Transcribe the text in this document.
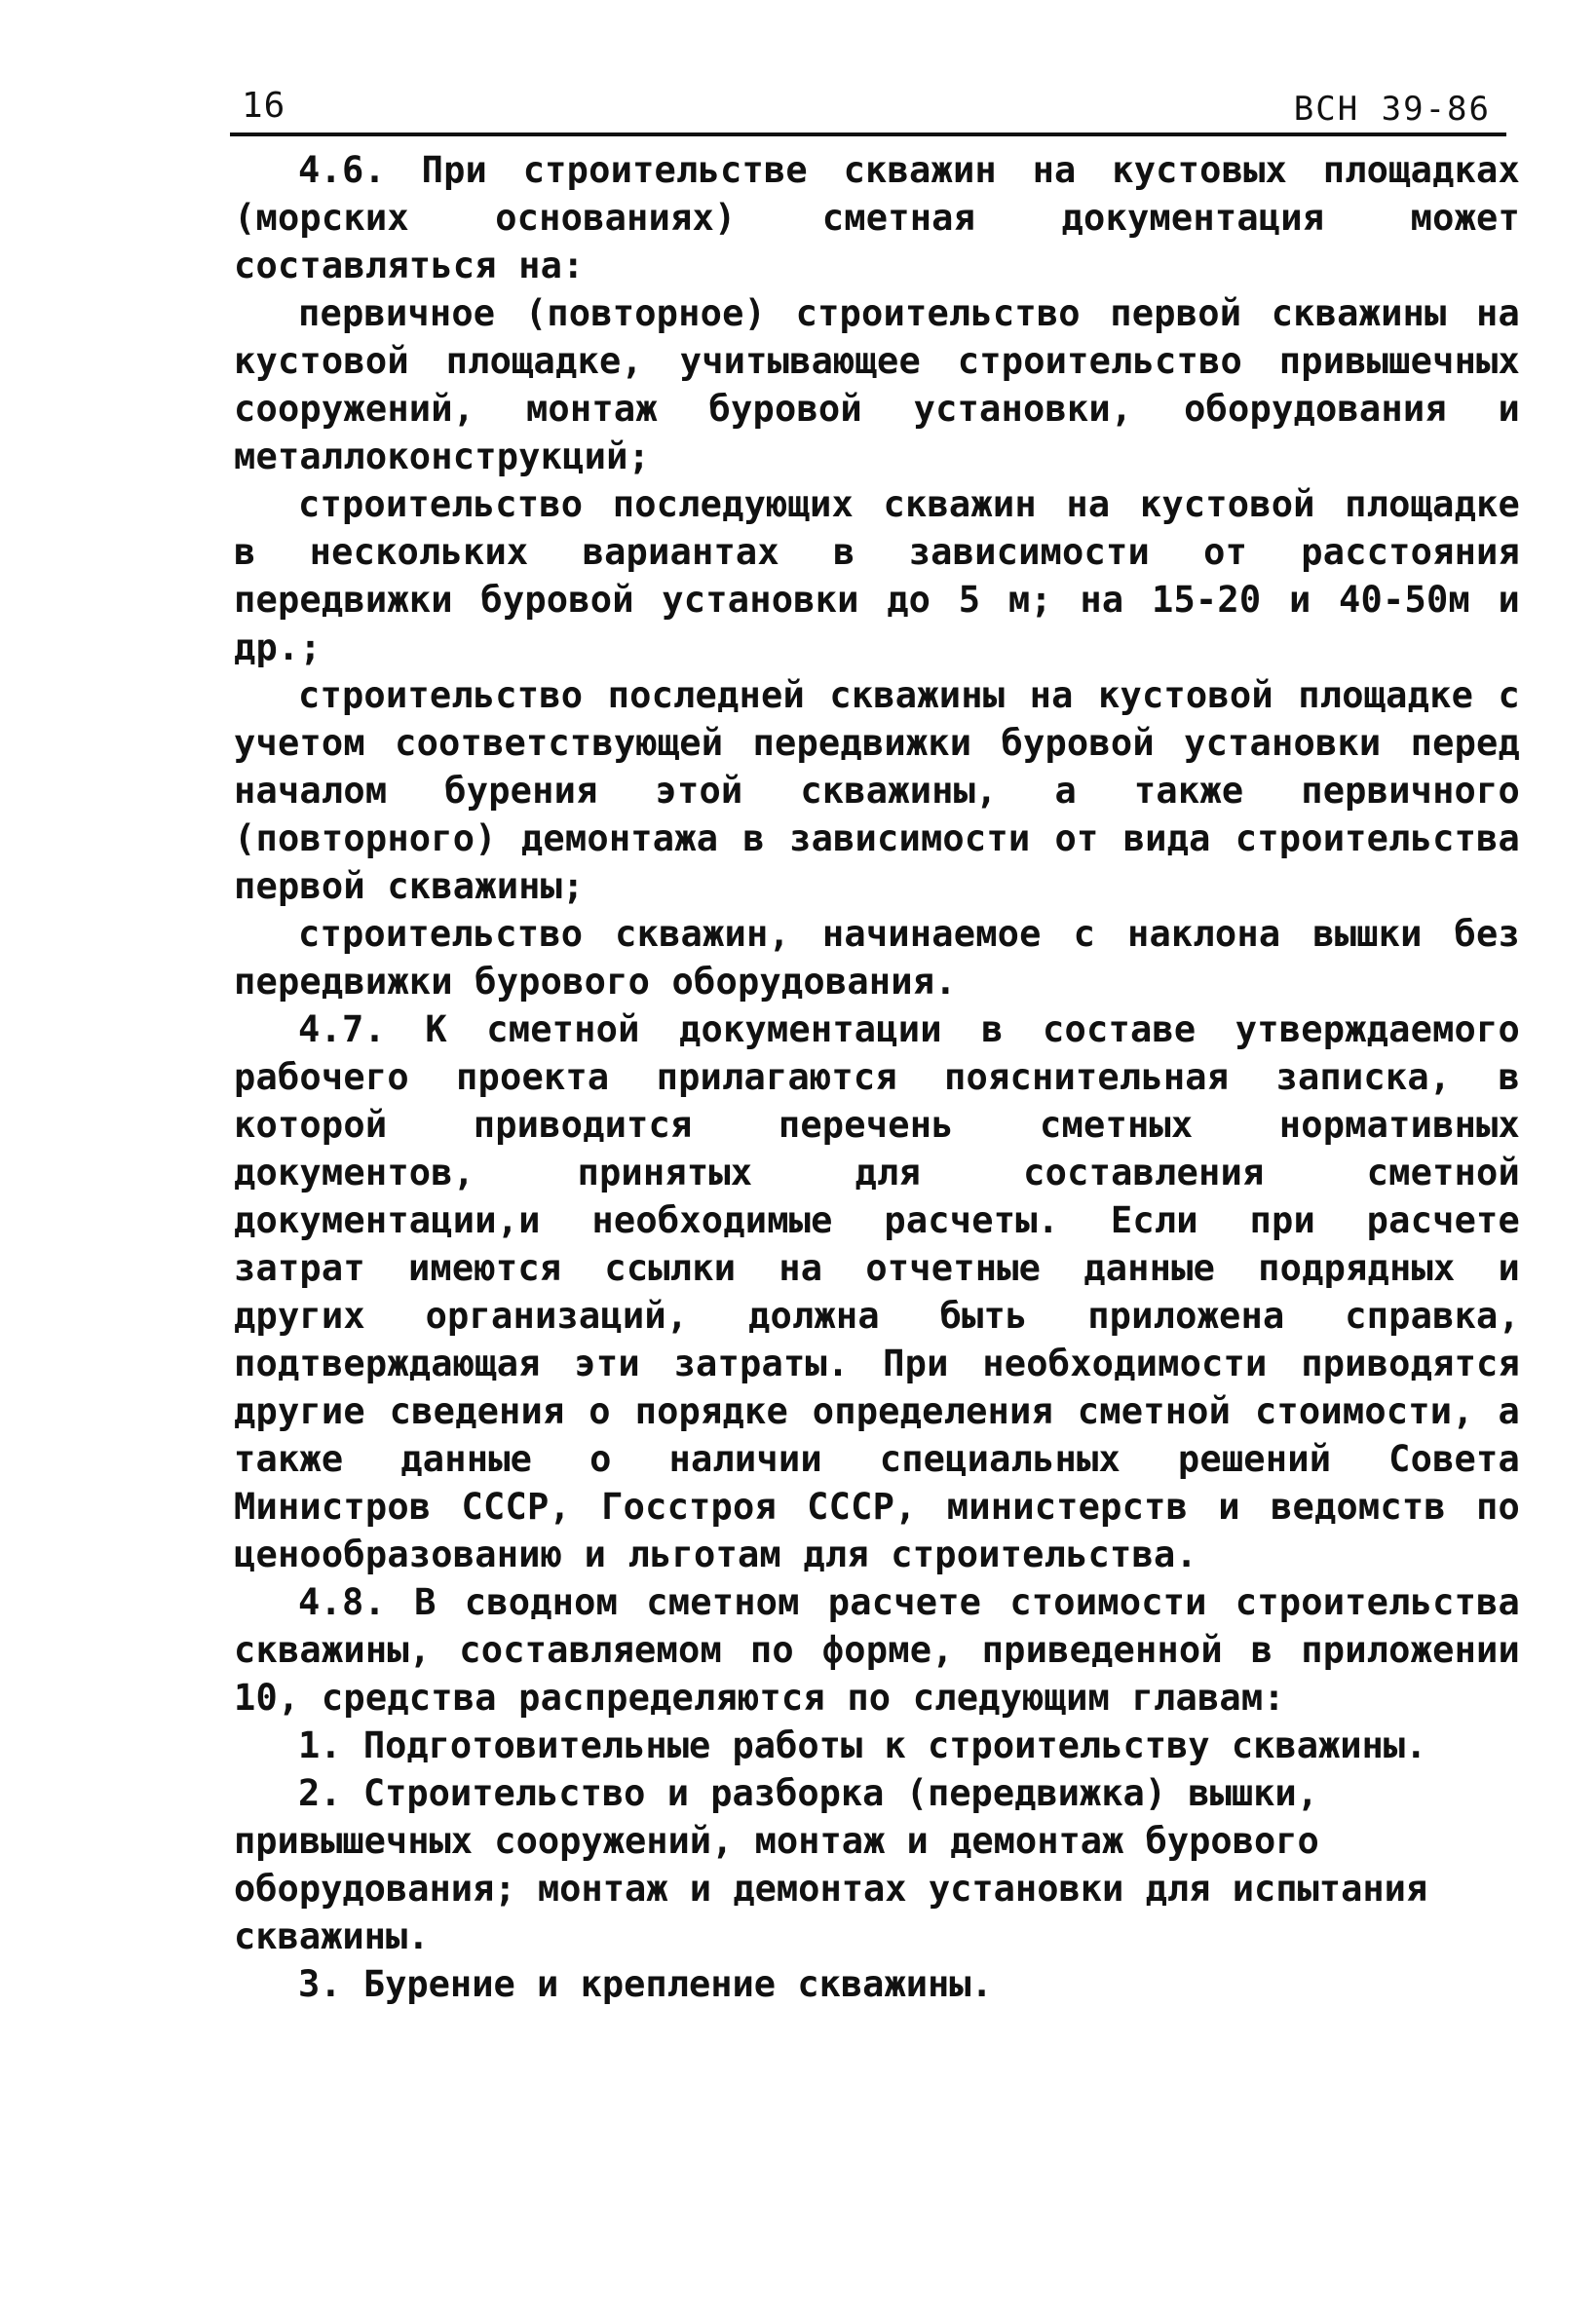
16	ВСН 39-86

4.6. При строительстве скважин на кустовых площадках (морских основаниях) сметная документация может составляться на:

первичное (повторное) строительство первой скважины на кустовой площадке, учитывающее строительство привышечных сооружений, монтаж буровой установки, оборудования и металлоконструкций;

строительство последующих скважин на кустовой площадке в нескольких вариантах в зависимости от расстояния передвижки буровой установки до 5 м; на 15-20 и 40-50м и др.;

строительство последней скважины на кустовой площадке с учетом соответствующей передвижки буровой установки перед началом бурения этой скважины, а также первичного (повторного) демонтажа в зависимости от вида строительства первой скважины;

строительство скважин, начинаемое с наклона вышки без передвижки бурового оборудования.

4.7. К сметной документации в составе утверждаемого рабочего проекта прилагаются пояснительная записка, в которой приводится перечень сметных нормативных документов, принятых для составления сметной документации,и необходимые расчеты. Если при расчете затрат имеются ссылки на отчетные данные подрядных и других организаций, должна быть приложена справка, подтверждающая эти затраты. При необходимости приводятся другие сведения о порядке определения сметной стоимости, а также данные о наличии специальных решений Совета Министров СССР, Госстроя СССР, министерств и ведомств по ценообразованию и льготам для строительства.

4.8. В сводном сметном расчете стоимости строительства скважины, составляемом по форме, приведенной в приложении 10, средства распределяются по следующим главам:

1. Подготовительные работы к строительству скважины.

2. Строительство и разборка (передвижка) вышки, привышечных сооружений, монтаж и демонтаж бурового оборудования; монтаж и демонтах установки для испытания скважины.

3. Бурение и крепление скважины.
